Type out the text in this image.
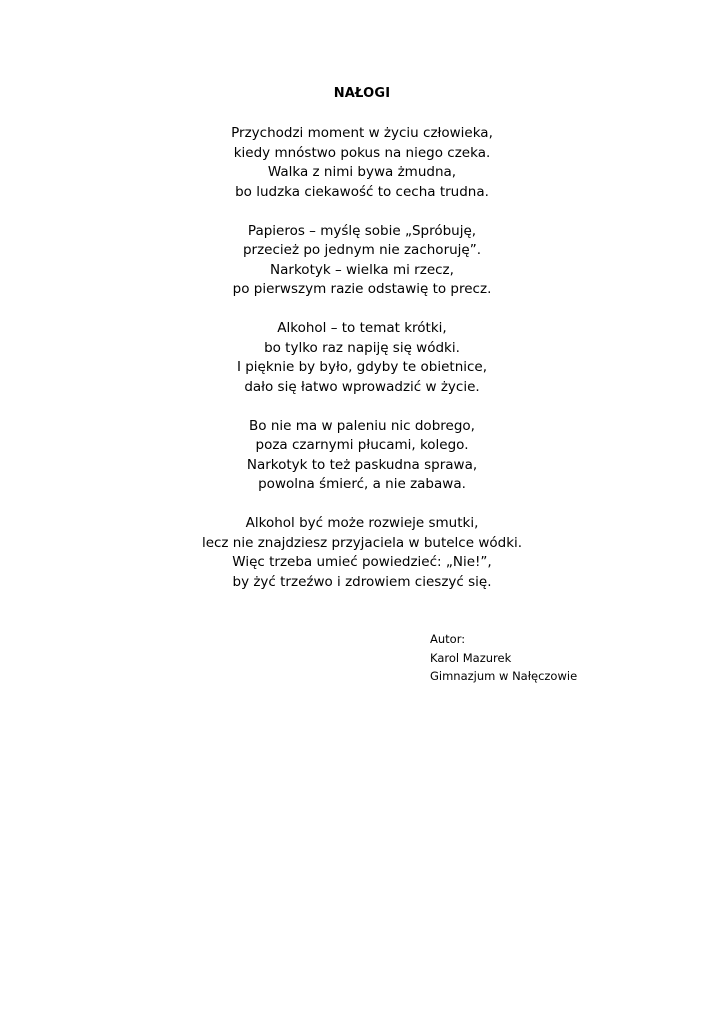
NAŁOGI
Przychodzi moment w życiu człowieka,
kiedy mnóstwo pokus na niego czeka.
Walka z nimi bywa żmudna,
bo ludzka ciekawość to cecha trudna.
Papieros – myślę sobie „Spróbuję,
przecież po jednym nie zachoruję”.
Narkotyk – wielka mi rzecz,
po pierwszym razie odstawię to precz.
Alkohol – to temat krótki,
bo tylko raz napiję się wódki.
I pięknie by było, gdyby te obietnice,
dało się łatwo wprowadzić w życie.
Bo nie ma w paleniu nic dobrego,
poza czarnymi płucami, kolego.
Narkotyk to też paskudna sprawa,
powolna śmierć, a nie zabawa.
Alkohol być może rozwieje smutki,
lecz nie znajdziesz przyjaciela w butelce wódki.
Więc trzeba umieć powiedzieć: „Nie!”,
by żyć trzeźwo i zdrowiem cieszyć się.
Autor:
Karol Mazurek
Gimnazjum w Nałęczowie
